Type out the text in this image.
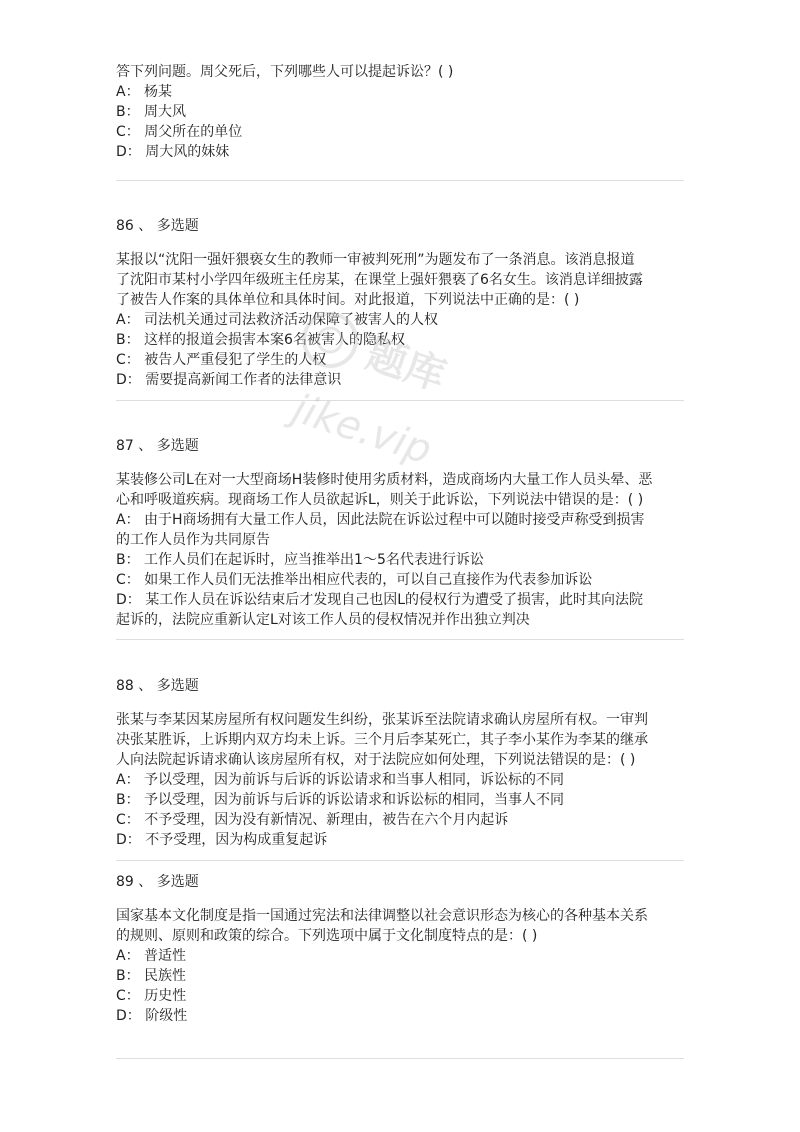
答下列问题。周父死后，下列哪些人可以提起诉讼？( )
A： 杨某
B： 周大风
C： 周父所在的单位
D： 周大风的妹妹
86 、 多选题
某报以“沈阳一强奸猥亵女生的教师一审被判死刑”为题发布了一条消息。该消息报道
了沈阳市某村小学四年级班主任房某，在课堂上强奸猥亵了6名女生。该消息详细披露
了被告人作案的具体单位和具体时间。对此报道，下列说法中正确的是：( )
A： 司法机关通过司法救济活动保障了被害人的人权
B： 这样的报道会损害本案6名被害人的隐私权
C： 被告人严重侵犯了学生的人权
D： 需要提高新闻工作者的法律意识
87 、 多选题
某装修公司L在对一大型商场H装修时使用劣质材料，造成商场内大量工作人员头晕、恶
心和呼吸道疾病。现商场工作人员欲起诉L，则关于此诉讼，下列说法中错误的是：( )
A： 由于H商场拥有大量工作人员，因此法院在诉讼过程中可以随时接受声称受到损害
的工作人员作为共同原告
B： 工作人员们在起诉时，应当推举出1～5名代表进行诉讼
C： 如果工作人员们无法推举出相应代表的，可以自己直接作为代表参加诉讼
D： 某工作人员在诉讼结束后才发现自己也因L的侵权行为遭受了损害，此时其向法院
起诉的，法院应重新认定L对该工作人员的侵权情况并作出独立判决
88 、 多选题
张某与李某因某房屋所有权问题发生纠纷，张某诉至法院请求确认房屋所有权。一审判
决张某胜诉，上诉期内双方均未上诉。三个月后李某死亡，其子李小某作为李某的继承
人向法院起诉请求确认该房屋所有权，对于法院应如何处理，下列说法错误的是：( )
A： 予以受理，因为前诉与后诉的诉讼请求和当事人相同，诉讼标的不同
B： 予以受理，因为前诉与后诉的诉讼请求和诉讼标的相同，当事人不同
C： 不予受理，因为没有新情况、新理由，被告在六个月内起诉
D： 不予受理，因为构成重复起诉
89 、 多选题
国家基本文化制度是指一国通过宪法和法律调整以社会意识形态为核心的各种基本关系
的规则、原则和政策的综合。下列选项中属于文化制度特点的是：( )
A： 普适性
B： 民族性
C： 历史性
D： 阶级性
题库
jike.vip
